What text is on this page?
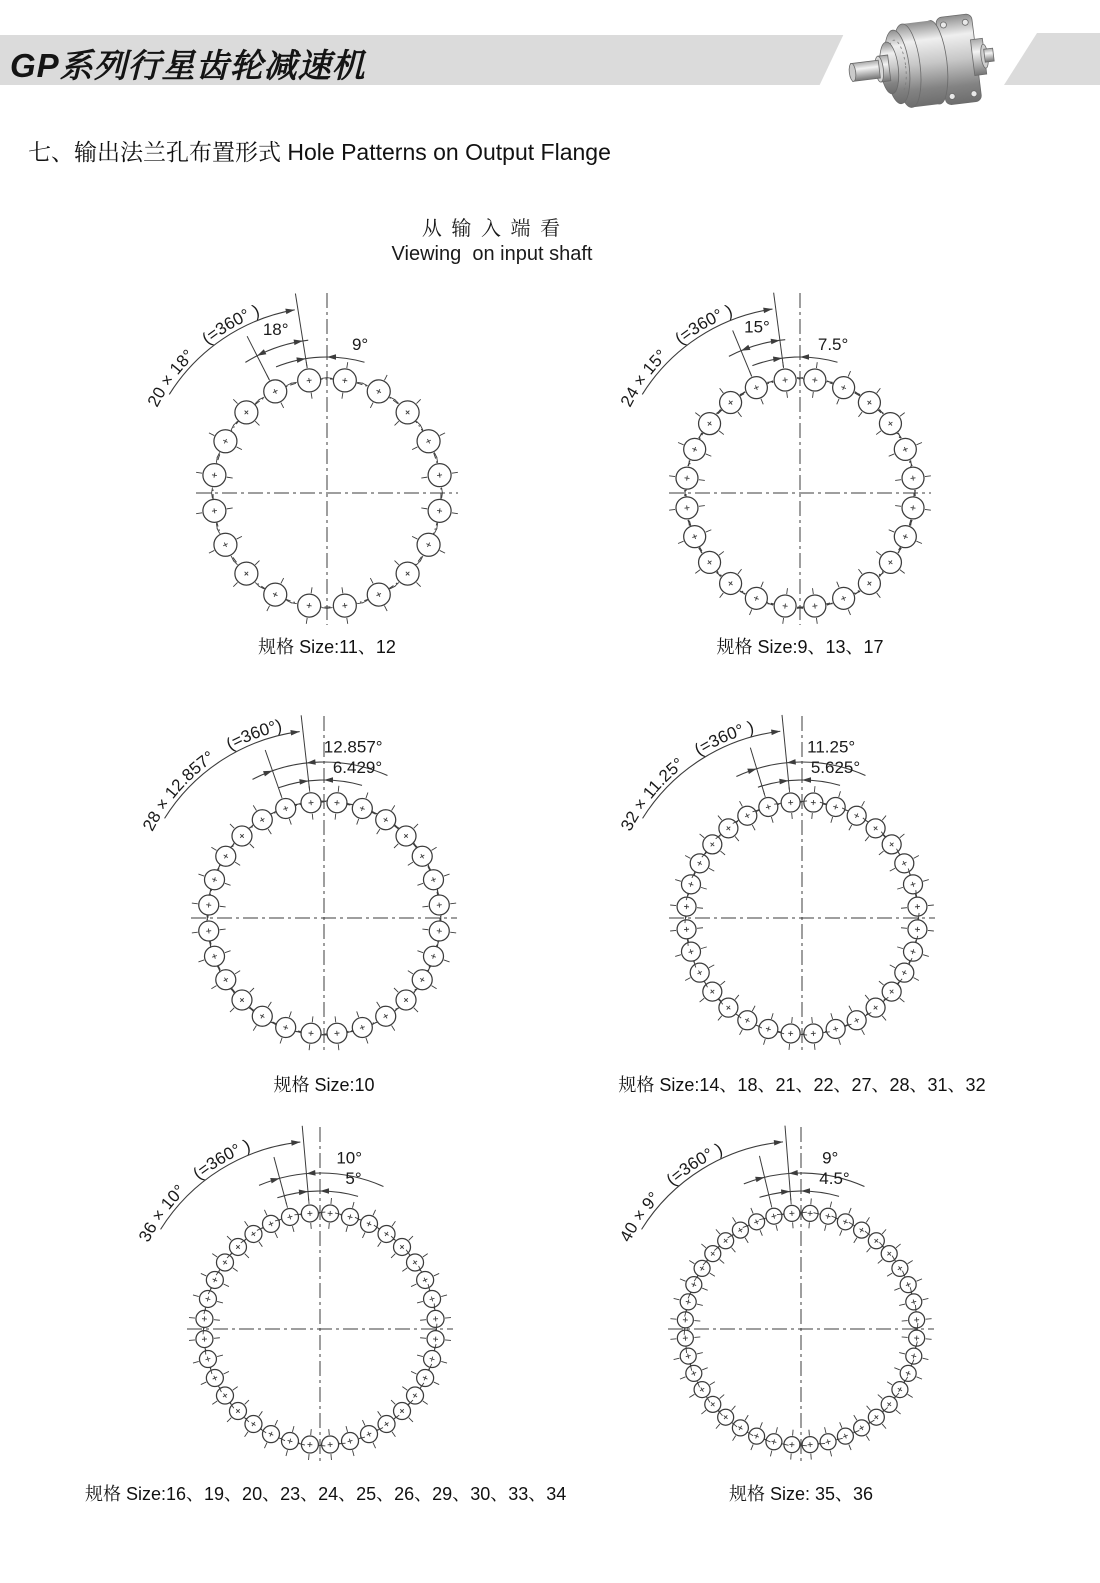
GP系列行星齿轮减速机
七、输出法兰孔布置形式 Hole Patterns on Output Flange
从 输 入 端 看
Viewing  on input shaft
18°
9°
20 × 18°  (=360° )
规格 Size:11、12
15°
7.5°
24 × 15°  (=360° )
规格 Size:9、13、17
12.857°
6.429°
28 × 12.857°  (=360°)
规格 Size:10
11.25°
5.625°
32 × 11.25°  (=360° )
规格 Size:14、18、21、22、27、28、31、32
10°
5°
36 × 10°  (=360° )
规格 Size:16、19、20、23、24、25、26、29、30、33、34
9°
4.5°
40 × 9°  (=360° )
规格 Size: 35、36
